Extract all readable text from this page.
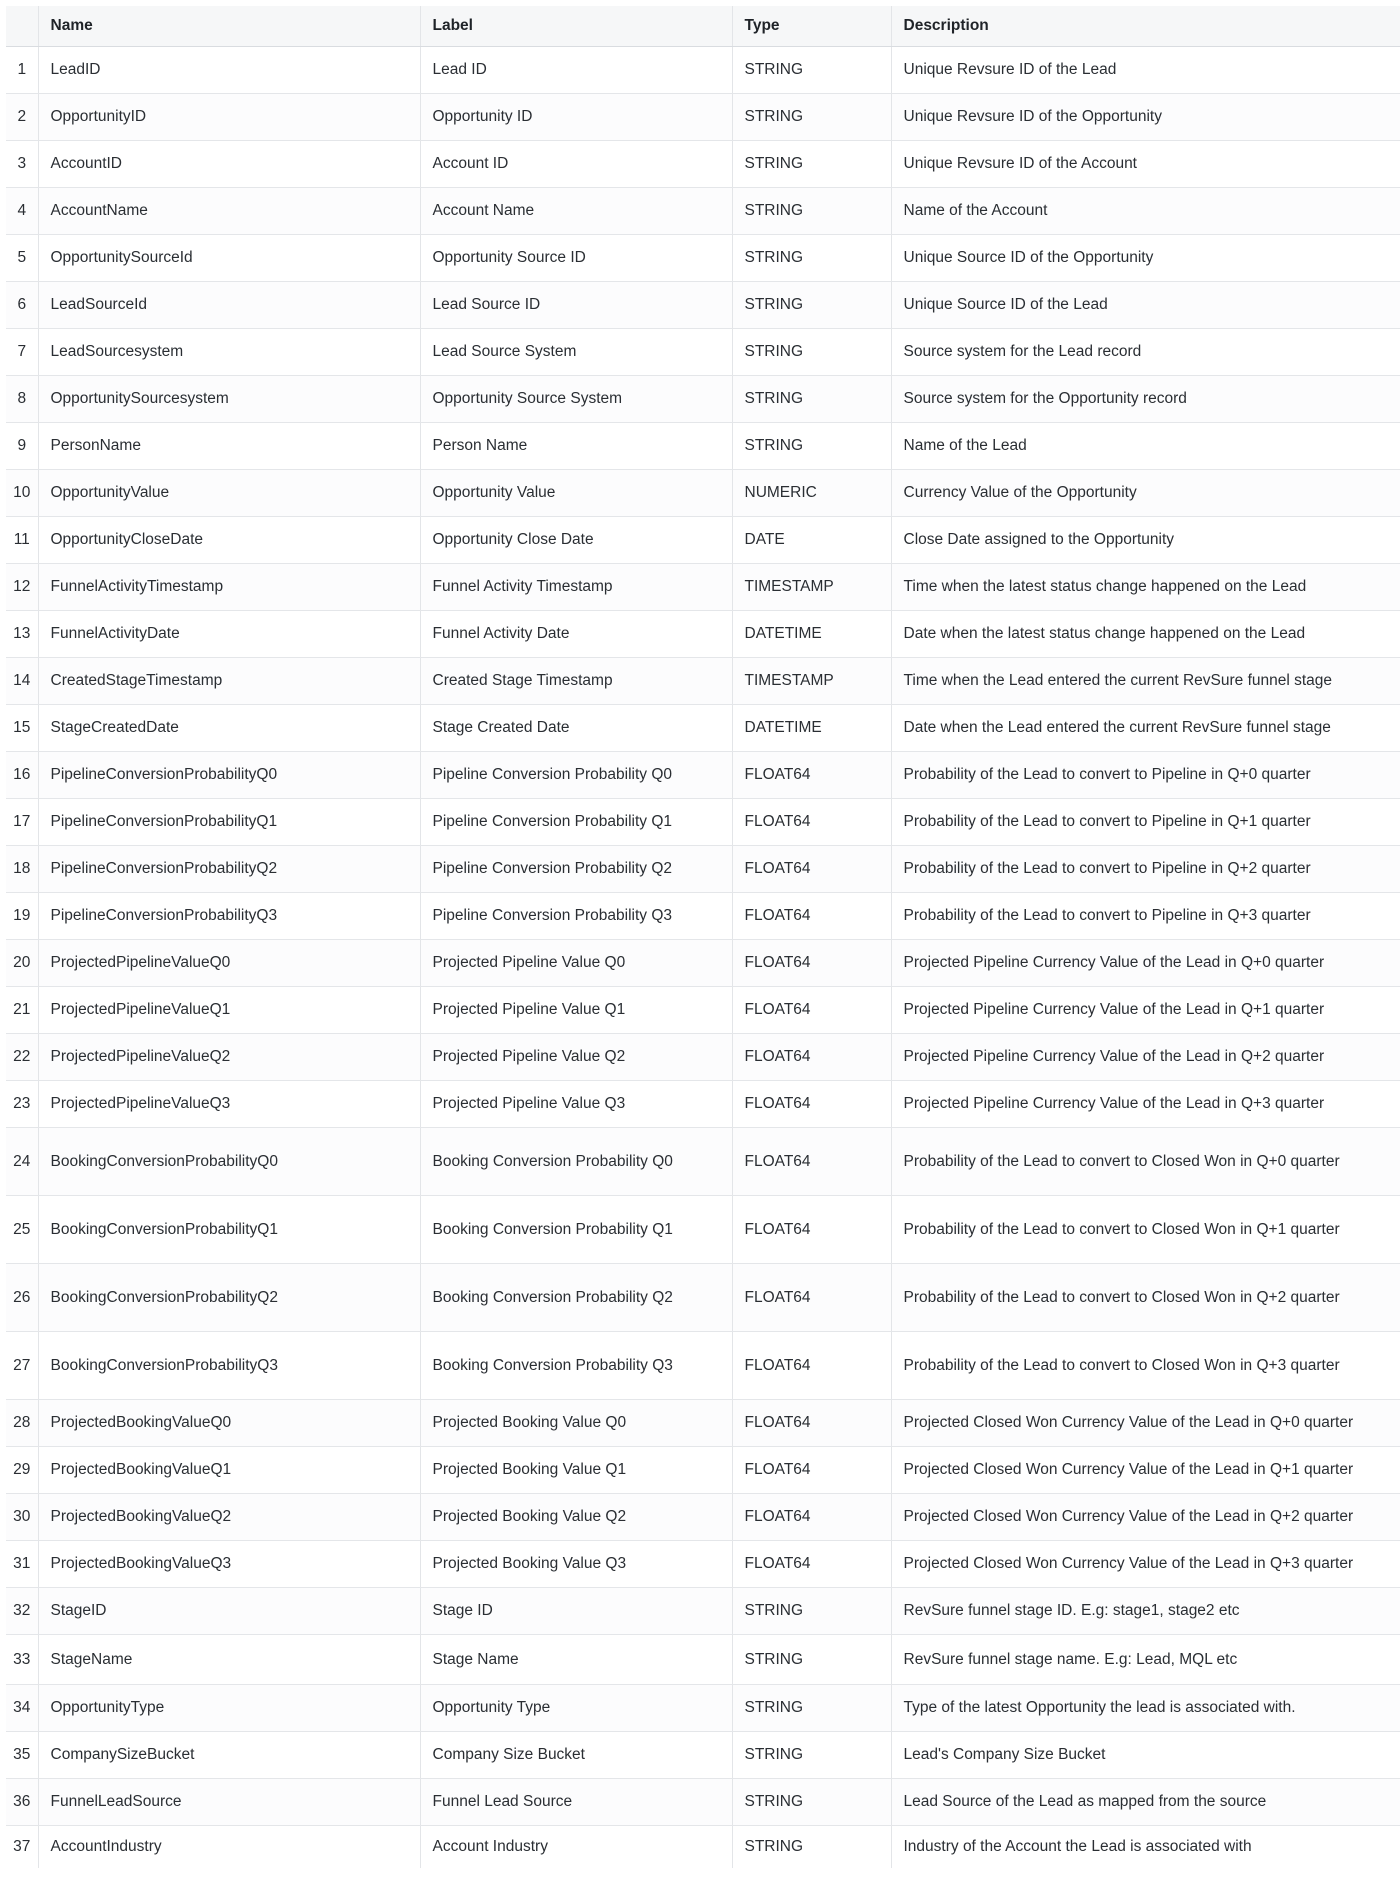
	Name	Label	Type	Description
1	LeadID	Lead ID	STRING	Unique Revsure ID of the Lead
2	OpportunityID	Opportunity ID	STRING	Unique Revsure ID of the Opportunity
3	AccountID	Account ID	STRING	Unique Revsure ID of the Account
4	AccountName	Account Name	STRING	Name of the Account
5	OpportunitySourceId	Opportunity Source ID	STRING	Unique Source ID of the Opportunity
6	LeadSourceId	Lead Source ID	STRING	Unique Source ID of the Lead
7	LeadSourcesystem	Lead Source System	STRING	Source system for the Lead record
8	OpportunitySourcesystem	Opportunity Source System	STRING	Source system for the Opportunity record
9	PersonName	Person Name	STRING	Name of the Lead
10	OpportunityValue	Opportunity Value	NUMERIC	Currency Value of the Opportunity
11	OpportunityCloseDate	Opportunity Close Date	DATE	Close Date assigned to the Opportunity
12	FunnelActivityTimestamp	Funnel Activity Timestamp	TIMESTAMP	Time when the latest status change happened on the Lead
13	FunnelActivityDate	Funnel Activity Date	DATETIME	Date when the latest status change happened on the Lead
14	CreatedStageTimestamp	Created Stage Timestamp	TIMESTAMP	Time when the Lead entered the current RevSure funnel stage
15	StageCreatedDate	Stage Created Date	DATETIME	Date when the Lead entered the current RevSure funnel stage
16	PipelineConversionProbabilityQ0	Pipeline Conversion Probability Q0	FLOAT64	Probability of the Lead to convert to Pipeline in Q+0 quarter
17	PipelineConversionProbabilityQ1	Pipeline Conversion Probability Q1	FLOAT64	Probability of the Lead to convert to Pipeline in Q+1 quarter
18	PipelineConversionProbabilityQ2	Pipeline Conversion Probability Q2	FLOAT64	Probability of the Lead to convert to Pipeline in Q+2 quarter
19	PipelineConversionProbabilityQ3	Pipeline Conversion Probability Q3	FLOAT64	Probability of the Lead to convert to Pipeline in Q+3 quarter
20	ProjectedPipelineValueQ0	Projected Pipeline Value Q0	FLOAT64	Projected Pipeline Currency Value of the Lead in Q+0 quarter
21	ProjectedPipelineValueQ1	Projected Pipeline Value Q1	FLOAT64	Projected Pipeline Currency Value of the Lead in Q+1 quarter
22	ProjectedPipelineValueQ2	Projected Pipeline Value Q2	FLOAT64	Projected Pipeline Currency Value of the Lead in Q+2 quarter
23	ProjectedPipelineValueQ3	Projected Pipeline Value Q3	FLOAT64	Projected Pipeline Currency Value of the Lead in Q+3 quarter
24	BookingConversionProbabilityQ0	Booking Conversion Probability Q0	FLOAT64	Probability of the Lead to convert to Closed Won in Q+0 quarter
25	BookingConversionProbabilityQ1	Booking Conversion Probability Q1	FLOAT64	Probability of the Lead to convert to Closed Won in Q+1 quarter
26	BookingConversionProbabilityQ2	Booking Conversion Probability Q2	FLOAT64	Probability of the Lead to convert to Closed Won in Q+2 quarter
27	BookingConversionProbabilityQ3	Booking Conversion Probability Q3	FLOAT64	Probability of the Lead to convert to Closed Won in Q+3 quarter
28	ProjectedBookingValueQ0	Projected Booking Value Q0	FLOAT64	Projected Closed Won Currency Value of the Lead in Q+0 quarter
29	ProjectedBookingValueQ1	Projected Booking Value Q1	FLOAT64	Projected Closed Won Currency Value of the Lead in Q+1 quarter
30	ProjectedBookingValueQ2	Projected Booking Value Q2	FLOAT64	Projected Closed Won Currency Value of the Lead in Q+2 quarter
31	ProjectedBookingValueQ3	Projected Booking Value Q3	FLOAT64	Projected Closed Won Currency Value of the Lead in Q+3 quarter
32	StageID	Stage ID	STRING	RevSure funnel stage ID. E.g: stage1, stage2 etc
33	StageName	Stage Name	STRING	RevSure funnel stage name. E.g: Lead, MQL etc
34	OpportunityType	Opportunity Type	STRING	Type of the latest Opportunity the lead is associated with.
35	CompanySizeBucket	Company Size Bucket	STRING	Lead's Company Size Bucket
36	FunnelLeadSource	Funnel Lead Source	STRING	Lead Source of the Lead as mapped from the source
37	AccountIndustry	Account Industry	STRING	Industry of the Account the Lead is associated with
